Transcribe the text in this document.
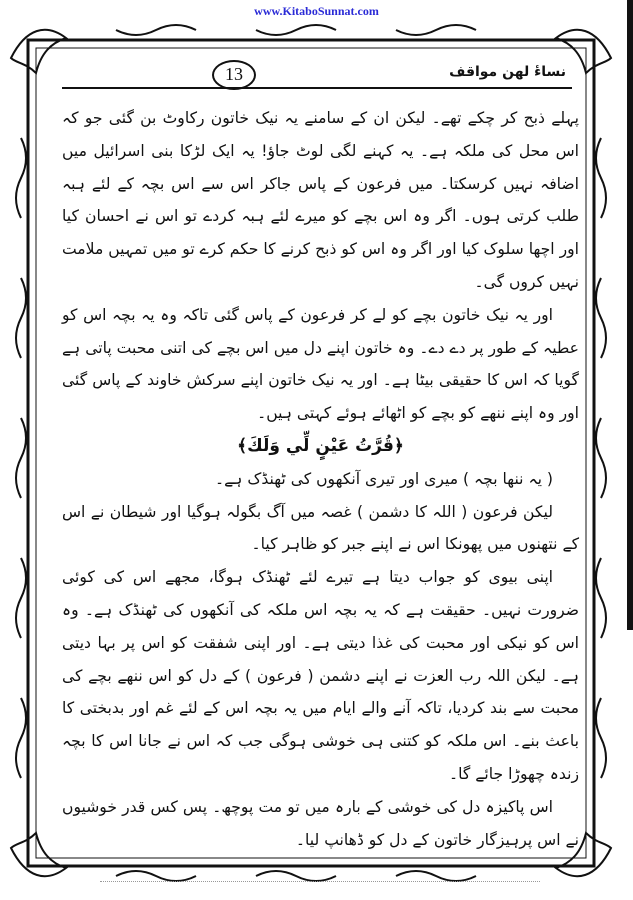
www.KitaboSunnat.com
13	نساءٔ لهن مواقف

پہلے ذبح کر چکے تھے۔ لیکن ان کے سامنے یہ نیک خاتون رکاوٹ بن گئی جو کہ اس محل کی ملکہ ہے۔ یہ کہنے لگی لوٹ جاؤ! یہ ایک لڑکا بنی اسرائیل میں اضافہ نہیں کرسکتا۔ میں فرعون کے پاس جاکر اس سے اس بچہ کے لئے ہبہ طلب کرتی ہوں۔ اگر وہ اس بچے کو میرے لئے ہبہ کردے تو اس نے احسان کیا اور اچھا سلوک کیا اور اگر وہ اس کو ذبح کرنے کا حکم کرے تو میں تمہیں ملامت نہیں کروں گی۔

اور یہ نیک خاتون بچے کو لے کر فرعون کے پاس گئی تاکہ وہ یہ بچہ اس کو عطیہ کے طور پر دے دے۔ وہ خاتون اپنے دل میں اس بچے کی اتنی محبت پاتی ہے گویا کہ اس کا حقیقی بیٹا ہے۔ اور یہ نیک خاتون اپنے سرکش خاوند کے پاس گئی اور وہ اپنے ننھے کو بچے کو اٹھائے ہوئے کہتی ہیں۔

﴿قُرَّتُ عَيْنٍ لِّي وَلَكَ﴾

( یہ ننھا بچہ ) میری اور تیری آنکھوں کی ٹھنڈک ہے۔

لیکن فرعون ( اللہ کا دشمن ) غصہ میں آگ بگولہ ہوگیا اور شیطان نے اس کے نتھنوں میں پھونکا اس نے اپنے جبر کو ظاہر کیا۔

اپنی بیوی کو جواب دیتا ہے تیرے لئے ٹھنڈک ہوگا، مجھے اس کی کوئی ضرورت نہیں۔ حقیقت ہے کہ یہ بچہ اس ملکہ کی آنکھوں کی ٹھنڈک ہے۔ وہ اس کو نیکی اور محبت کی غذا دیتی ہے۔ اور اپنی شفقت کو اس پر بہا دیتی ہے۔ لیکن اللہ رب العزت نے اپنے دشمن ( فرعون ) کے دل کو اس ننھے بچے کی محبت سے بند کردیا، تاکہ آنے والے ایام میں یہ بچہ اس کے لئے غم اور بدبختی کا باعث بنے۔ اس ملکہ کو کتنی ہی خوشی ہوگی جب کہ اس نے جانا اس کا بچہ زندہ چھوڑا جائے گا۔

اس پاکیزہ دل کی خوشی کے بارہ میں تو مت پوچھ۔ پس کس قدر خوشیوں نے اس پرہیزگار خاتون کے دل کو ڈھانپ لیا۔
